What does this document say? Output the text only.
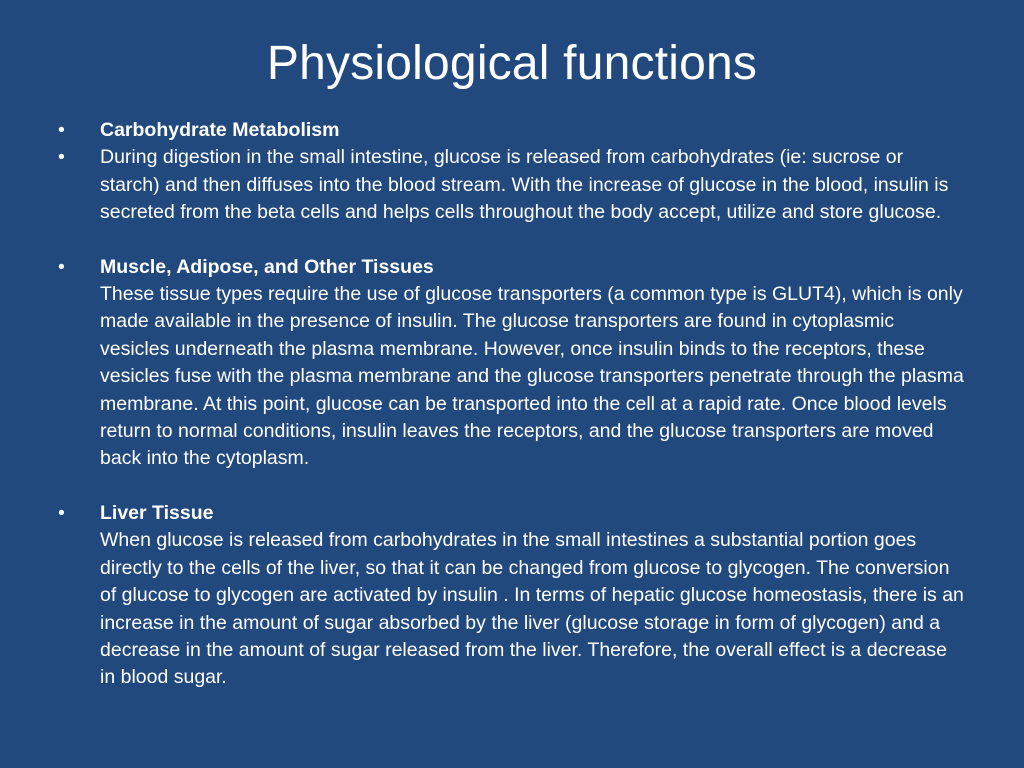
Physiological functions
•	Carbohydrate Metabolism
•	During digestion in the small intestine, glucose is released from carbohydrates (ie: sucrose or starch) and then diffuses into the blood stream. With the increase of glucose in the blood, insulin is secreted from the beta cells and helps cells throughout the body accept, utilize and store glucose.
•	Muscle, Adipose, and Other Tissues
These tissue types require the use of glucose transporters (a common type is GLUT4), which is only made available in the presence of insulin. The glucose transporters are found in cytoplasmic vesicles underneath the plasma membrane. However, once insulin binds to the receptors, these vesicles fuse with the plasma membrane and the glucose transporters penetrate through the plasma membrane. At this point, glucose can be transported into the cell at a rapid rate. Once blood levels return to normal conditions, insulin leaves the receptors, and the glucose transporters are moved back into the cytoplasm.
•	Liver Tissue
When glucose is released from carbohydrates in the small intestines a substantial portion goes directly to the cells of the liver, so that it can be changed from glucose to glycogen. The conversion of glucose to glycogen are activated by insulin . In terms of hepatic glucose homeostasis, there is an increase in the amount of sugar absorbed by the liver (glucose storage in form of glycogen) and a decrease in the amount of sugar released from the liver. Therefore, the overall effect is a decrease in blood sugar.
